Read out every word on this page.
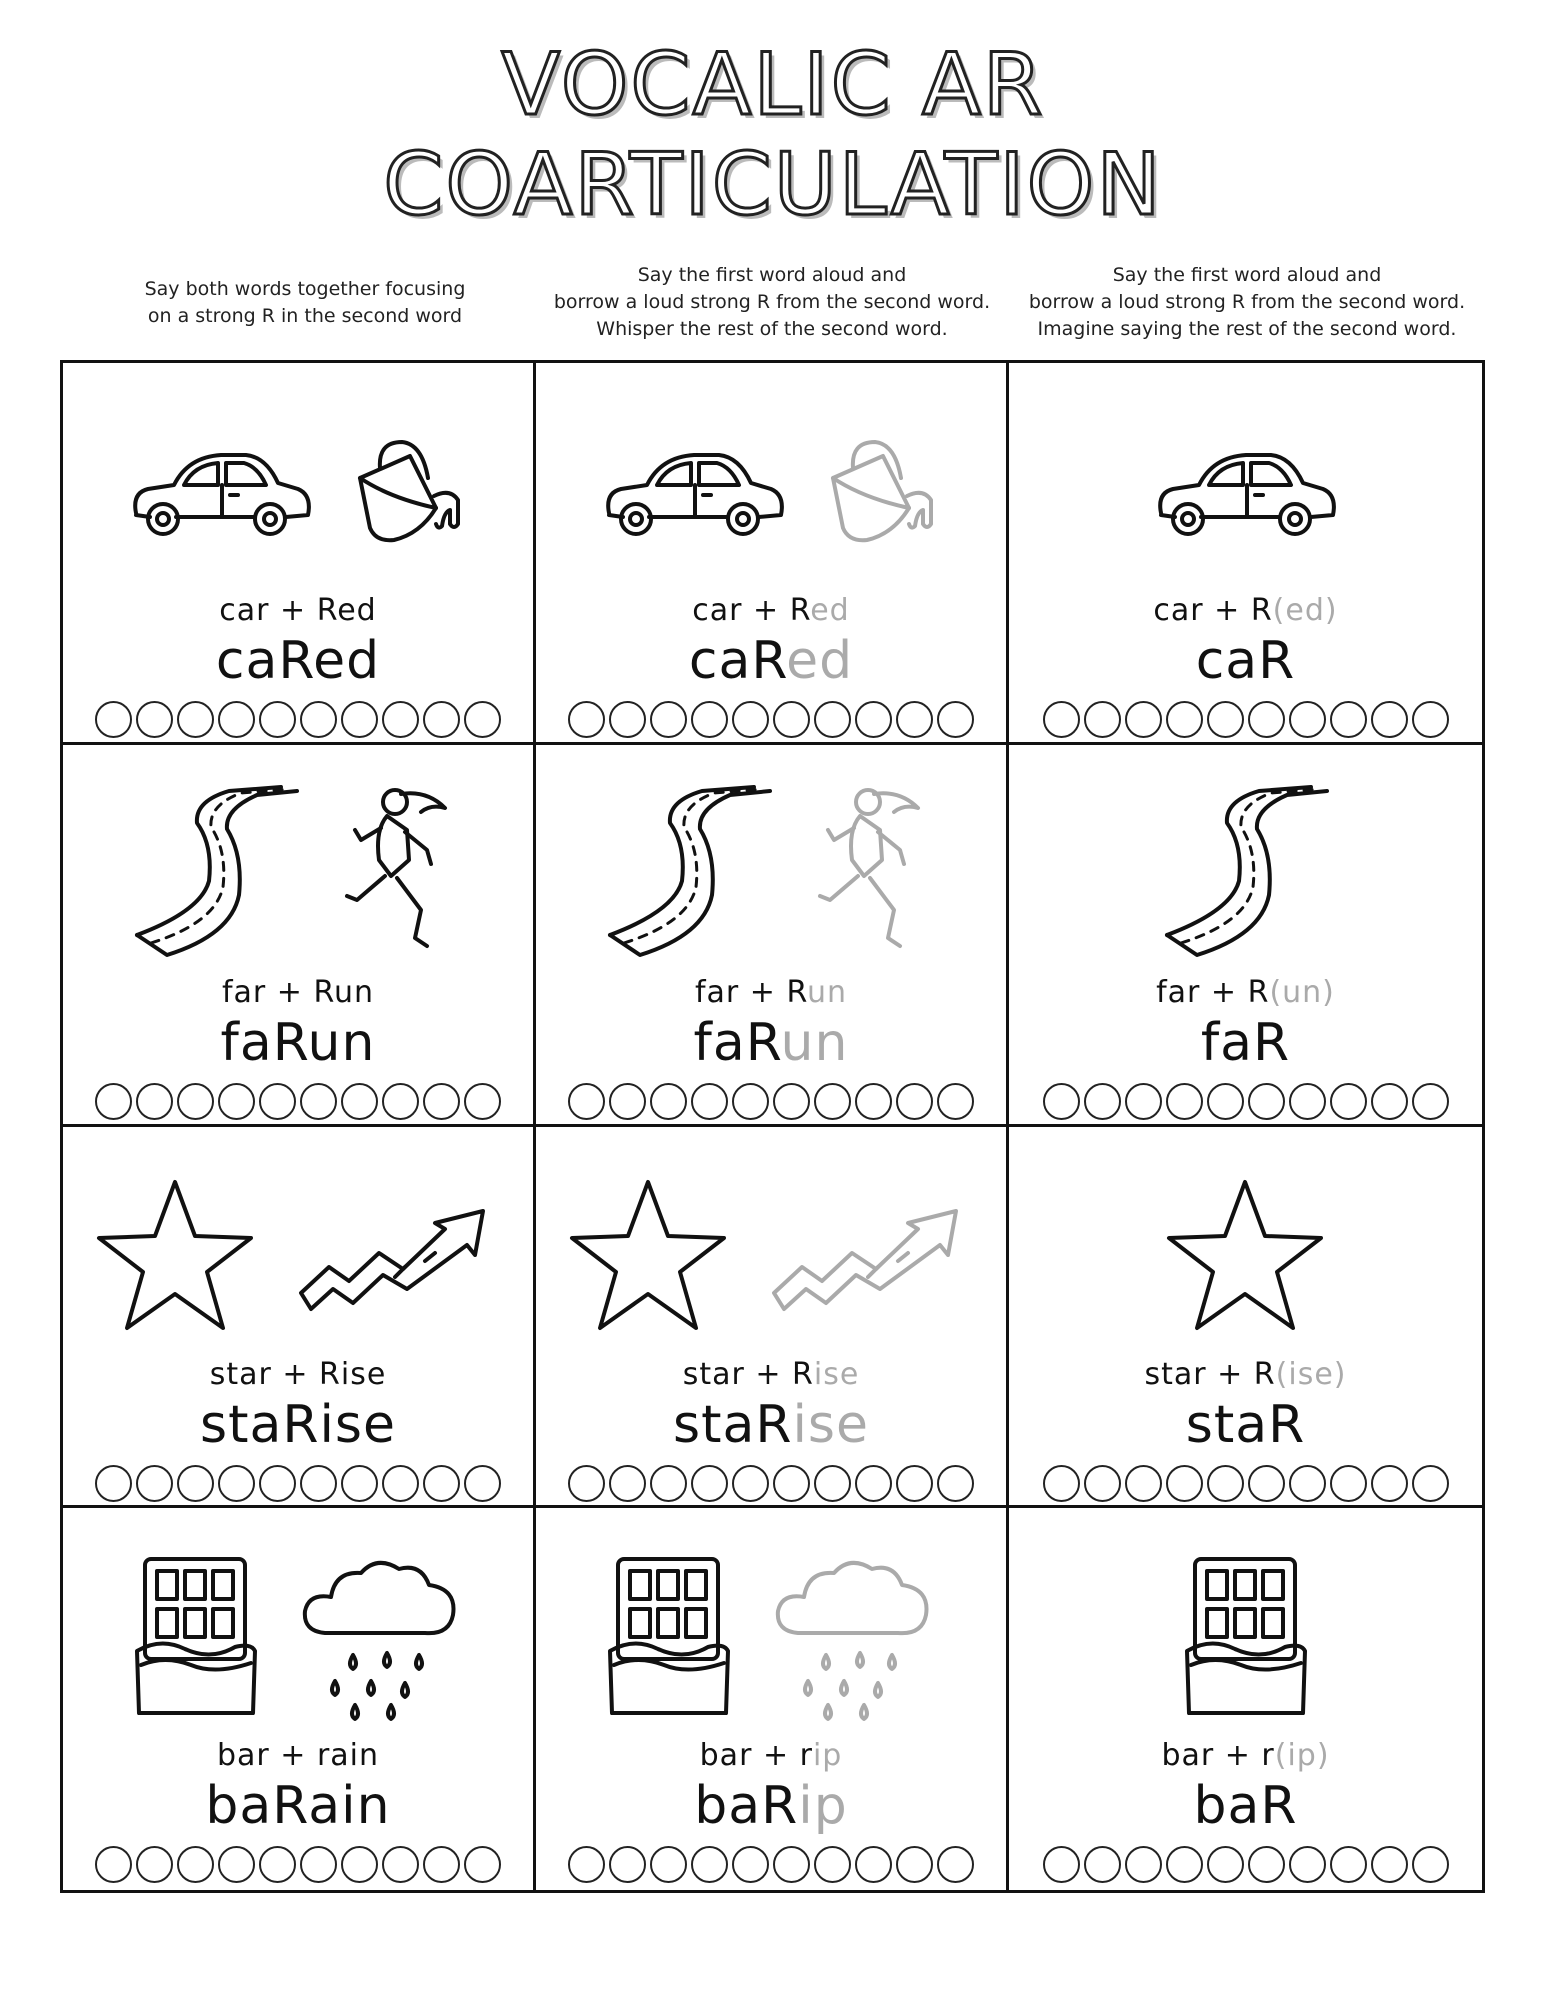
VOCALIC AR
COARTICULATION
Say both words together focusing
on a strong R in the second word
Say the first word aloud and
borrow a loud strong R from the second word.
Whisper the rest of the second word.
Say the first word aloud and
borrow a loud strong R from the second word.
Imagine saying the rest of the second word.
car + Red
caRed
car + Red
caRed
car + R(ed)
caR
far + Run
faRun
far + Run
faRun
far + R(un)
faR
star + Rise
staRise
star + Rise
staRise
star + R(ise)
staR
bar + rain
baRain
bar + rip
baRip
bar + r(ip)
baR
